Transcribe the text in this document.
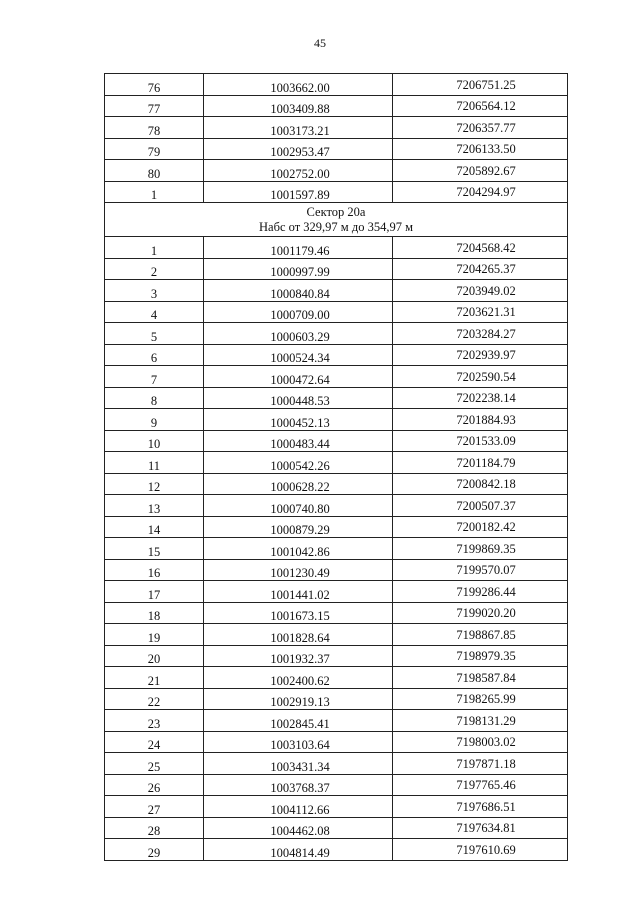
45
76	1003662.00	7206751.25
77	1003409.88	7206564.12
78	1003173.21	7206357.77
79	1002953.47	7206133.50
80	1002752.00	7205892.67
1	1001597.89	7204294.97

Сектор 20а
Набс от 329,97 м до 354,97 м		

1	1001179.46	7204568.42
2	1000997.99	7204265.37
3	1000840.84	7203949.02
4	1000709.00	7203621.31
5	1000603.29	7203284.27
6	1000524.34	7202939.97
7	1000472.64	7202590.54
8	1000448.53	7202238.14
9	1000452.13	7201884.93
10	1000483.44	7201533.09
11	1000542.26	7201184.79
12	1000628.22	7200842.18
13	1000740.80	7200507.37
14	1000879.29	7200182.42
15	1001042.86	7199869.35
16	1001230.49	7199570.07
17	1001441.02	7199286.44
18	1001673.15	7199020.20
19	1001828.64	7198867.85
20	1001932.37	7198979.35
21	1002400.62	7198587.84
22	1002919.13	7198265.99
23	1002845.41	7198131.29
24	1003103.64	7198003.02
25	1003431.34	7197871.18
26	1003768.37	7197765.46
27	1004112.66	7197686.51
28	1004462.08	7197634.81
29	1004814.49	7197610.69
